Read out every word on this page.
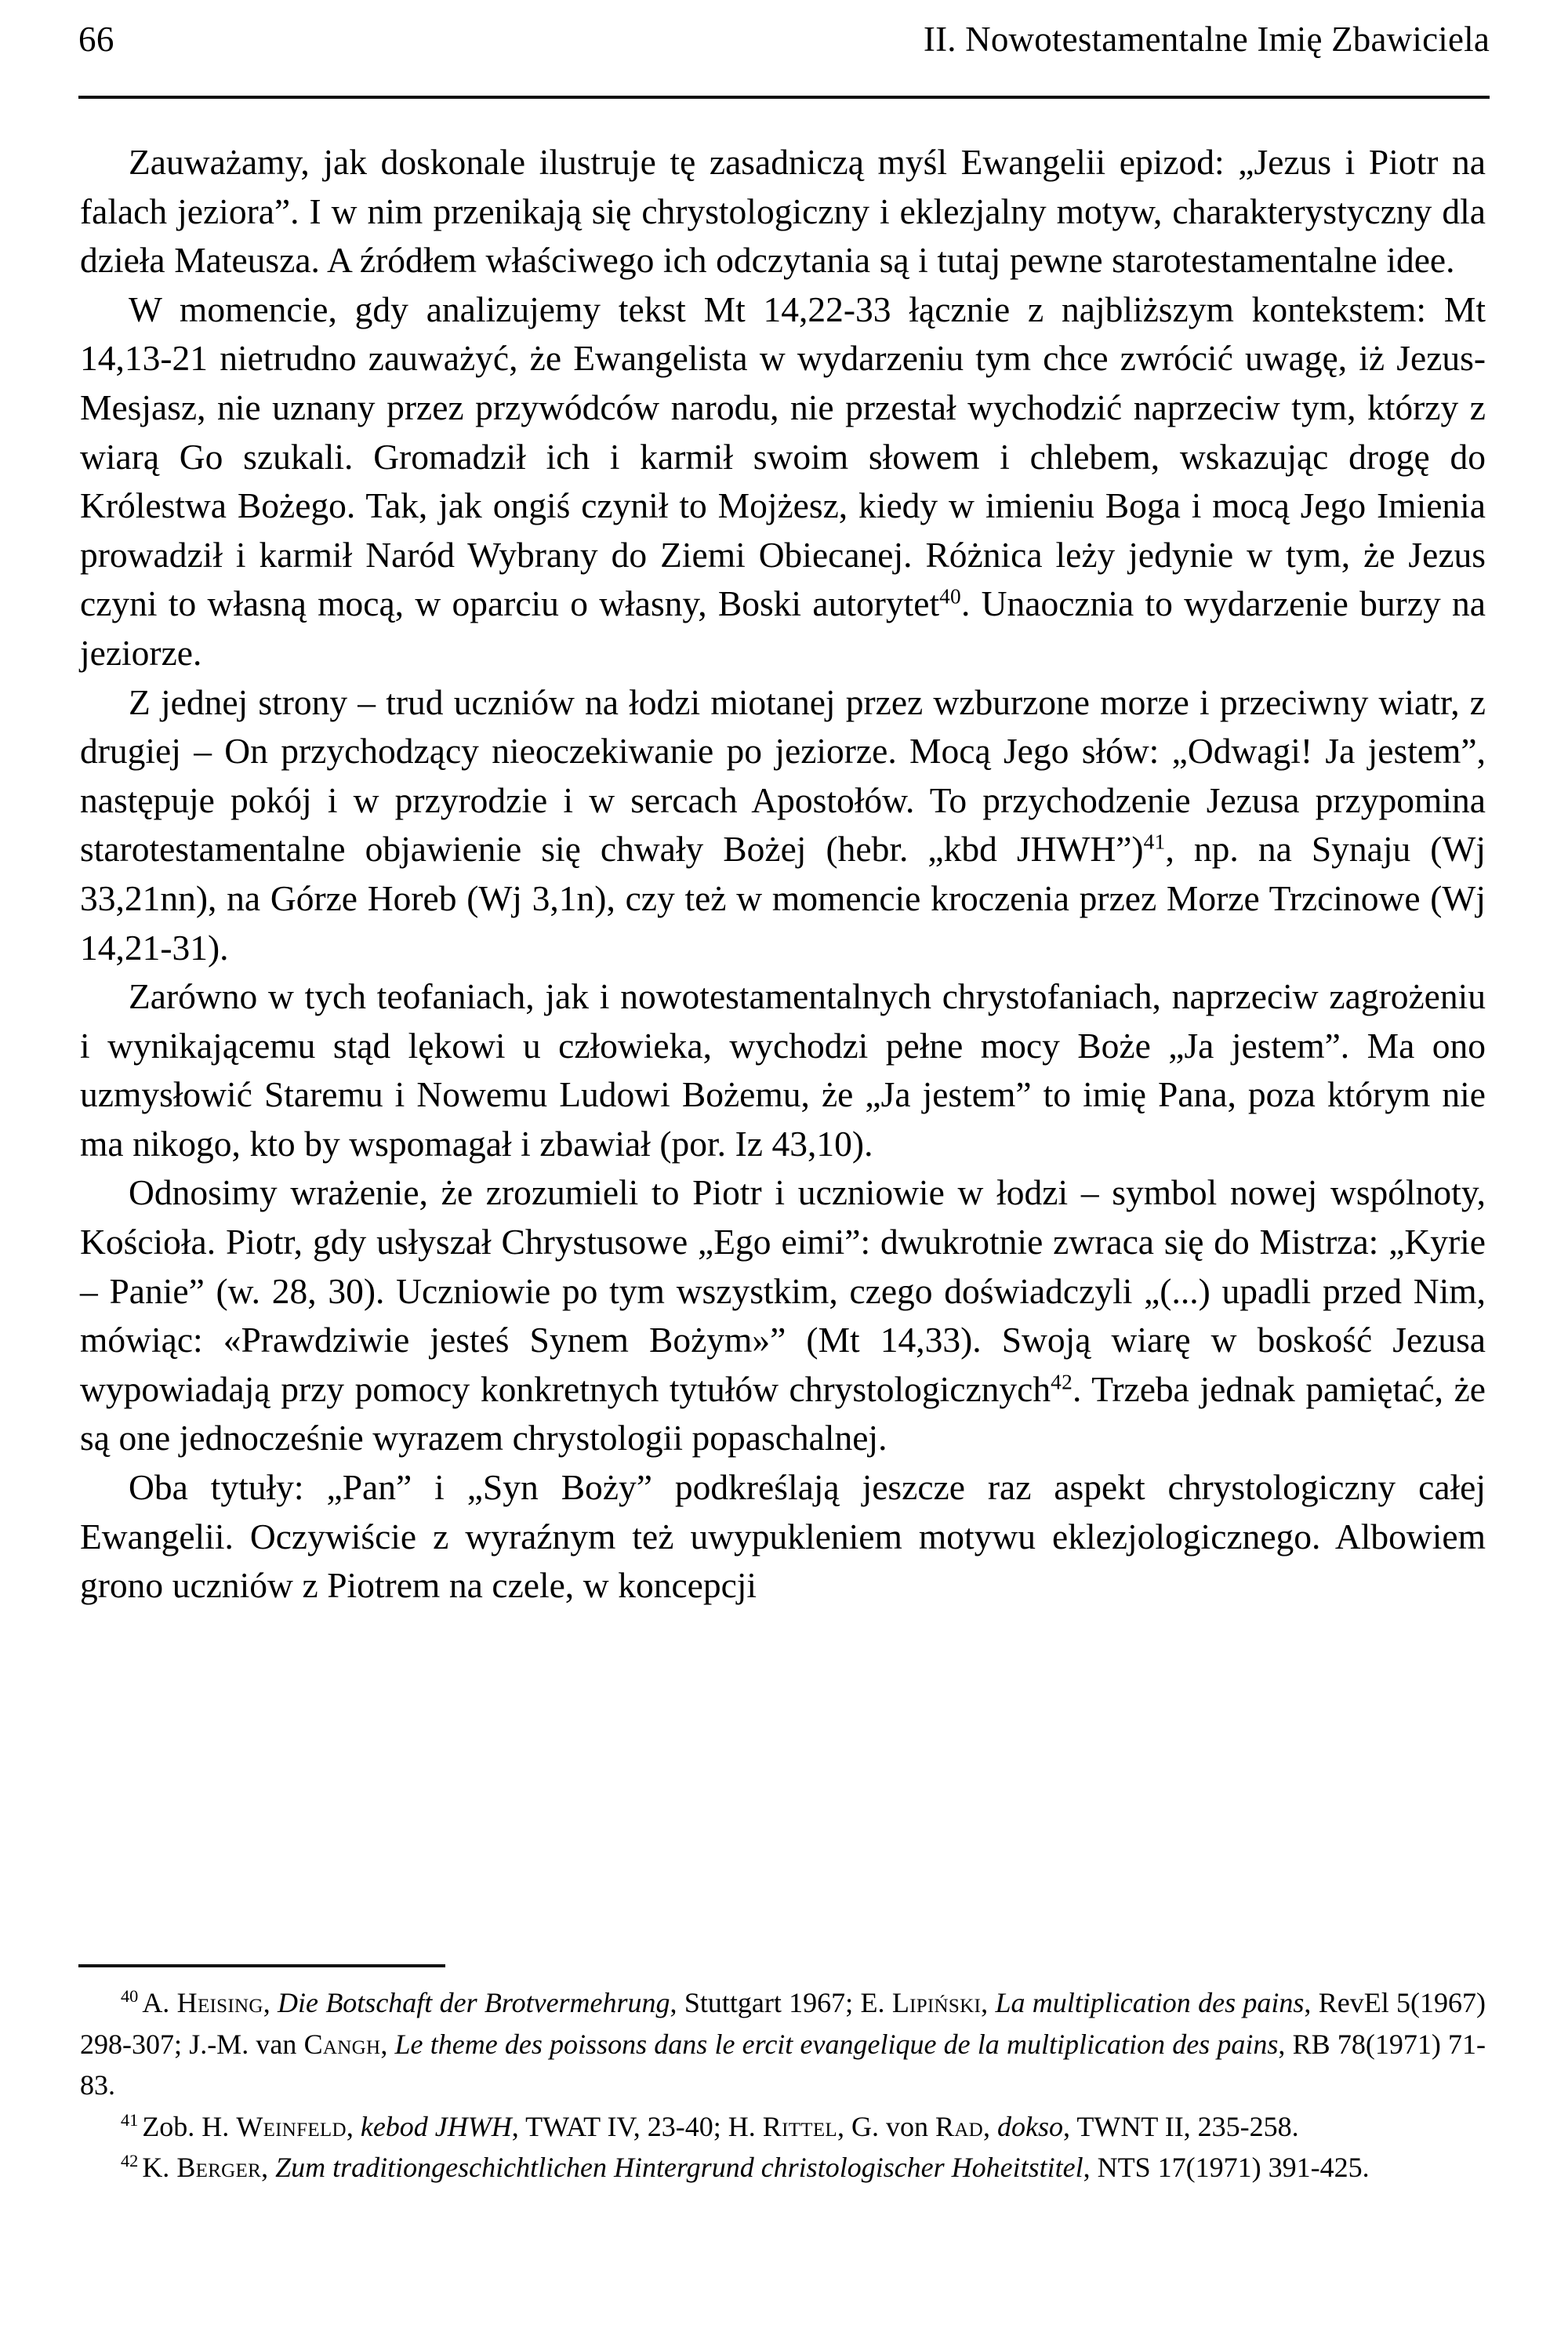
66	II. Nowotestamentalne Imię Zbawiciela

Zauważamy, jak doskonale ilustruje tę zasadniczą myśl Ewangelii epizod: „Jezus i Piotr na falach jeziora”. I w nim przenikają się chrystologiczny i eklezjalny motyw, charakterystyczny dla dzieła Mateusza. A źródłem właściwego ich odczytania są i tutaj pewne starotestamentalne idee.

W momencie, gdy analizujemy tekst Mt 14,22-33 łącznie z najbliższym kontekstem: Mt 14,13-21 nietrudno zauważyć, że Ewangelista w wydarzeniu tym chce zwrócić uwagę, iż Jezus- Mesjasz, nie uznany przez przywódców narodu, nie przestał wychodzić naprzeciw tym, którzy z wiarą Go szukali. Gromadził ich i karmił swoim słowem i chlebem, wskazując drogę do Królestwa Bożego. Tak, jak ongiś czynił to Mojżesz, kiedy w imieniu Boga i mocą Jego Imienia prowadził i karmił Naród Wybrany do Ziemi Obiecanej. Różnica leży jedynie w tym, że Jezus czyni to własną mocą, w oparciu o własny, Boski autorytet$^{40}$. Unaocznia to wydarzenie burzy na jeziorze.

Z jednej strony – trud uczniów na łodzi miotanej przez wzburzone morze i przeciwny wiatr, z drugiej – On przychodzący nieoczekiwanie po jeziorze. Mocą Jego słów: „Odwagi! Ja jestem”, następuje pokój i w przyrodzie i w sercach Apostołów. To przychodzenie Jezusa przypomina starotestamentalne objawienie się chwały Bożej (hebr. „kbd JHWH”)$^{41}$, np. na Synaju (Wj 33,21nn), na Górze Horeb (Wj 3,1n), czy też w momencie kroczenia przez Morze Trzcinowe (Wj 14,21-31).

Zarówno w tych teofaniach, jak i nowotestamentalnych chrystofaniach, naprzeciw zagrożeniu i wynikającemu stąd lękowi u człowieka, wychodzi pełne mocy Boże „Ja jestem”. Ma ono uzmysłowić Staremu i Nowemu Ludowi Bożemu, że „Ja jestem” to imię Pana, poza którym nie ma nikogo, kto by wspomagał i zbawiał (por. Iz 43,10).

Odnosimy wrażenie, że zrozumieli to Piotr i uczniowie w łodzi – symbol nowej wspólnoty, Kościoła. Piotr, gdy usłyszał Chrystusowe „Ego eimi”: dwukrotnie zwraca się do Mistrza: „Kyrie – Panie” (w. 28, 30). Uczniowie po tym wszystkim, czego doświadczyli „(...) upadli przed Nim, mówiąc: «Prawdziwie jesteś Synem Bożym»” (Mt 14,33). Swoją wiarę w boskość Jezusa wypowiadają przy pomocy konkretnych tytułów chrystologicznych$^{42}$. Trzeba jednak pamiętać, że są one jednocześnie wyrazem chrystologii popaschalnej.

Oba tytuły: „Pan” i „Syn Boży” podkreślają jeszcze raz aspekt chrystologiczny całej Ewangelii. Oczywiście z wyraźnym też uwypukleniem motywu eklezjologicznego. Albowiem grono uczniów z Piotrem na czele, w koncepcji

$^{40}$ A. Heising, Die Botschaft der Brotvermehrung, Stuttgart 1967; E. Lipiński, La multiplication des pains, RevEl 5(1967) 298-307; J.-M. van Cangh, Le theme des poissons dans le ercit evangelique de la multiplication des pains, RB 78(1971) 71-83.

$^{41}$ Zob. H. Weinfeld, kebod JHWH, TWAT IV, 23-40; H. Rittel, G. von Rad, dokso, TWNT II, 235-258.

$^{42}$ K. Berger, Zum traditiongeschichtlichen Hintergrund christologischer Hoheitstitel, NTS 17(1971) 391-425.
